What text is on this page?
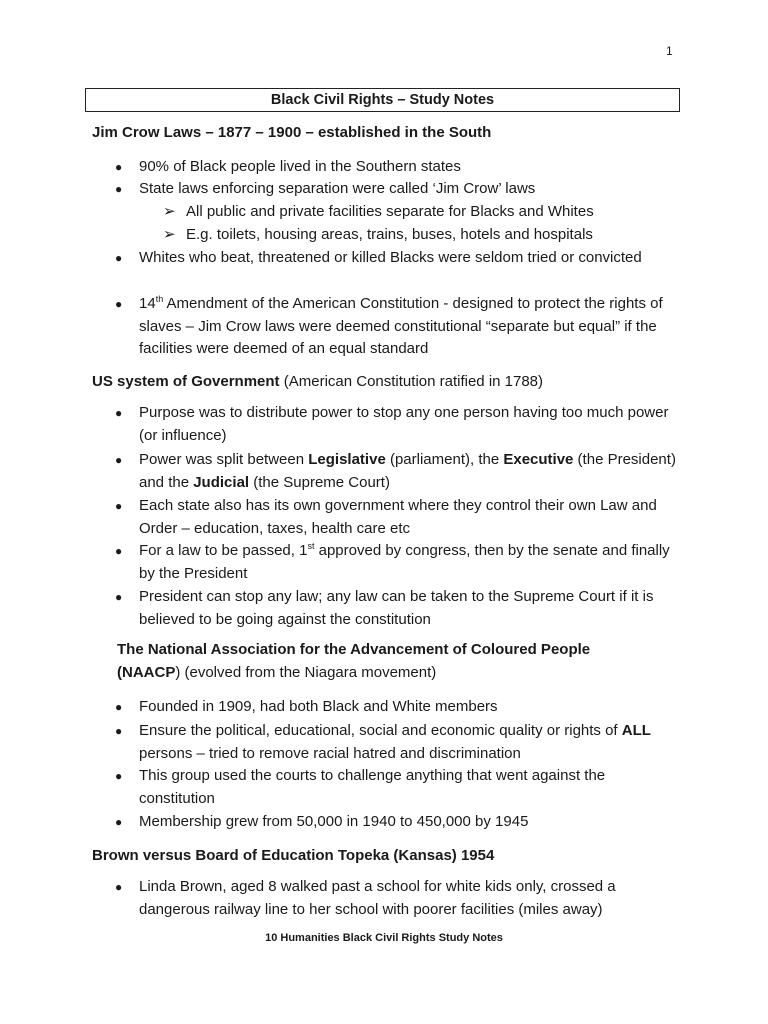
1
Black Civil Rights – Study Notes
Jim Crow Laws – 1877 – 1900 – established in the South
● 90% of Black people lived in the Southern states
● State laws enforcing separation were called ‘Jim Crow’ laws
➢ All public and private facilities separate for Blacks and Whites
➢ E.g. toilets, housing areas, trains, buses, hotels and hospitals
● Whites who beat, threatened or killed Blacks were seldom tried or convicted
● 14th Amendment of the American Constitution - designed to protect the rights of slaves – Jim Crow laws were deemed constitutional “separate but equal” if the facilities were deemed of an equal standard
US system of Government (American Constitution ratified in 1788)
● Purpose was to distribute power to stop any one person having too much power (or influence)
● Power was split between Legislative (parliament), the Executive (the President) and the Judicial (the Supreme Court)
● Each state also has its own government where they control their own Law and Order – education, taxes, health care etc
● For a law to be passed, 1st approved by congress, then by the senate and finally by the President
● President can stop any law; any law can be taken to the Supreme Court if it is believed to be going against the constitution
The National Association for the Advancement of Coloured People
(NAACP) (evolved from the Niagara movement)
● Founded in 1909, had both Black and White members
● Ensure the political, educational, social and economic quality or rights of ALL persons – tried to remove racial hatred and discrimination
● This group used the courts to challenge anything that went against the constitution
● Membership grew from 50,000 in 1940 to 450,000 by 1945
Brown versus Board of Education Topeka (Kansas) 1954
● Linda Brown, aged 8 walked past a school for white kids only, crossed a dangerous railway line to her school with poorer facilities (miles away)
10 Humanities Black Civil Rights Study Notes
